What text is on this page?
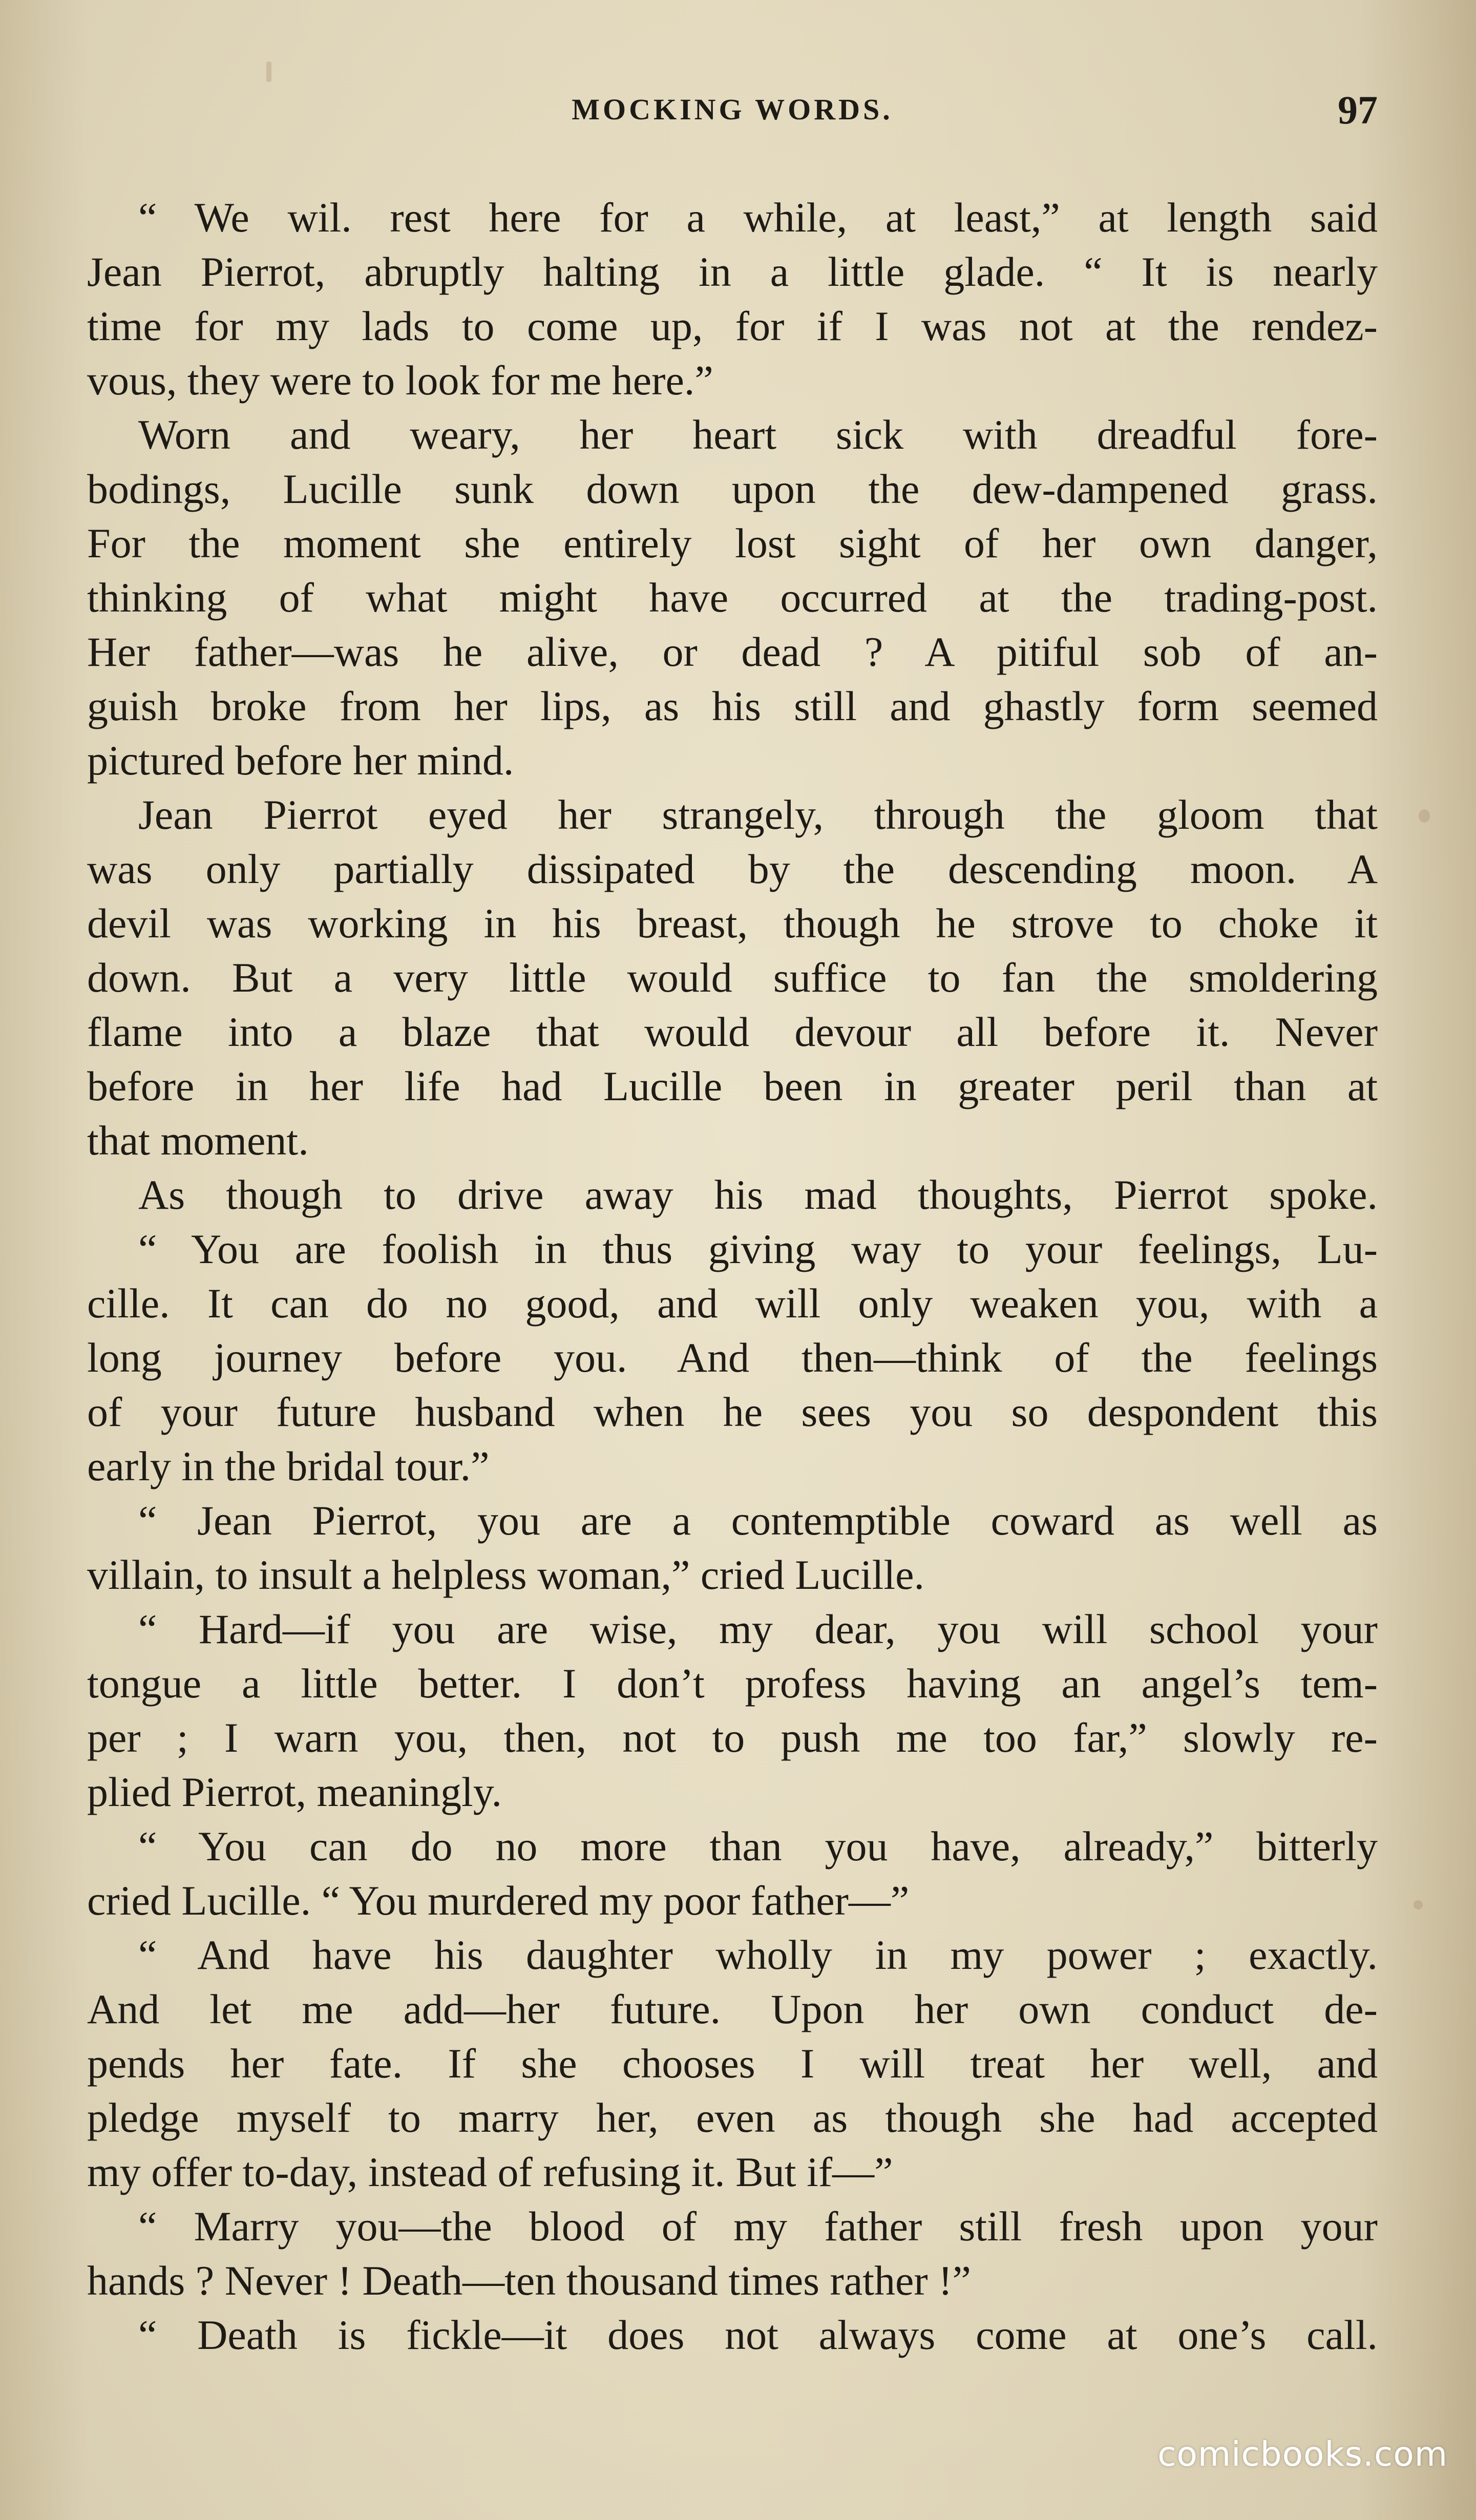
MOCKING WORDS.	97
“ We wil. rest here for a while, at least,” at length said
Jean Pierrot, abruptly halting in a little glade. “ It is nearly
time for my lads to come up, for if I was not at the rendez-
vous, they were to look for me here.”
Worn and weary, her heart sick with dreadful fore-
bodings, Lucille sunk down upon the dew-dampened grass.
For the moment she entirely lost sight of her own danger,
thinking of what might have occurred at the trading-post.
Her father—was he alive, or dead ? A pitiful sob of an-
guish broke from her lips, as his still and ghastly form seemed
pictured before her mind.
Jean Pierrot eyed her strangely, through the gloom that
was only partially dissipated by the descending moon. A
devil was working in his breast, though he strove to choke it
down. But a very little would suffice to fan the smoldering
flame into a blaze that would devour all before it. Never
before in her life had Lucille been in greater peril than at
that moment.
As though to drive away his mad thoughts, Pierrot spoke.
“ You are foolish in thus giving way to your feelings, Lu-
cille. It can do no good, and will only weaken you, with a
long journey before you. And then—think of the feelings
of your future husband when he sees you so despondent this
early in the bridal tour.”
“ Jean Pierrot, you are a contemptible coward as well as
villain, to insult a helpless woman,” cried Lucille.
“ Hard—if you are wise, my dear, you will school your
tongue a little better. I don’t profess having an angel’s tem-
per ; I warn you, then, not to push me too far,” slowly re-
plied Pierrot, meaningly.
“ You can do no more than you have, already,” bitterly
cried Lucille. “ You murdered my poor father—”
“ And have his daughter wholly in my power ; exactly.
And let me add—her future. Upon her own conduct de-
pends her fate. If she chooses I will treat her well, and
pledge myself to marry her, even as though she had accepted
my offer to-day, instead of refusing it. But if—”
“ Marry you—the blood of my father still fresh upon your
hands ? Never ! Death—ten thousand times rather !”
“ Death is fickle—it does not always come at one’s call.
comicbooks.com
